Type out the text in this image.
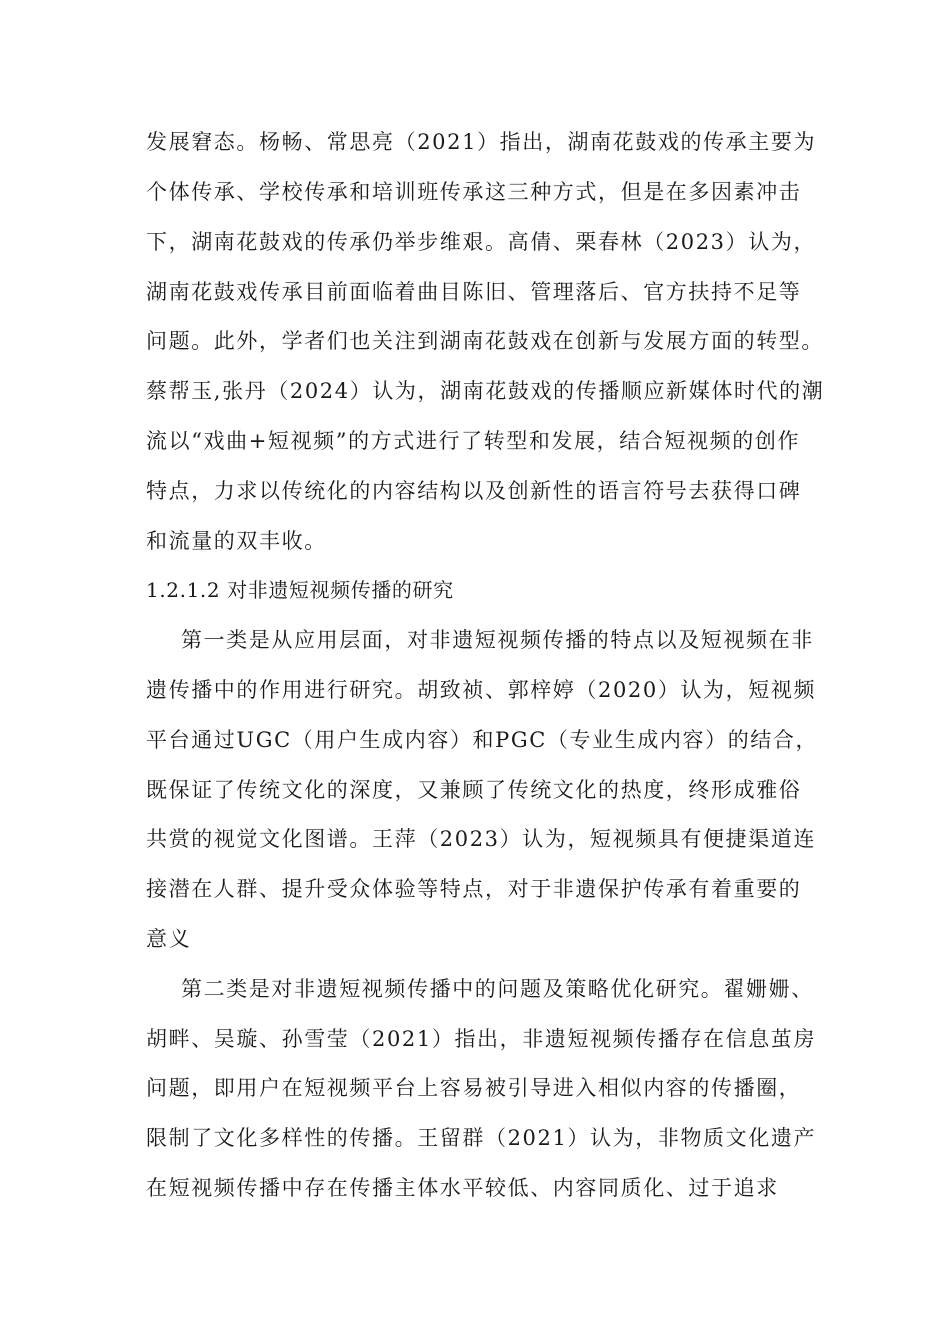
发展窘态。杨畅、常思亮（2021）指出，湖南花鼓戏的传承主要为
个体传承、学校传承和培训班传承这三种方式，但是在多因素冲击
下，湖南花鼓戏的传承仍举步维艰。高倩、栗春林（2023）认为，
湖南花鼓戏传承目前面临着曲目陈旧、管理落后、官方扶持不足等
问题。此外，学者们也关注到湖南花鼓戏在创新与发展方面的转型。
蔡帮玉,张丹（2024）认为，湖南花鼓戏的传播顺应新媒体时代的潮
流以“戏曲+短视频”的方式进行了转型和发展，结合短视频的创作
特点，力求以传统化的内容结构以及创新性的语言符号去获得口碑
和流量的双丰收。
1.2.1.2 对非遗短视频传播的研究
第一类是从应用层面，对非遗短视频传播的特点以及短视频在非
遗传播中的作用进行研究。胡致祯、郭梓婷（2020）认为，短视频
平台通过UGC（用户生成内容）和PGC（专业生成内容）的结合，
既保证了传统文化的深度，又兼顾了传统文化的热度，终形成雅俗
共赏的视觉文化图谱。王萍（2023）认为，短视频具有便捷渠道连
接潜在人群、提升受众体验等特点，对于非遗保护传承有着重要的
意义
第二类是对非遗短视频传播中的问题及策略优化研究。翟姗姗、
胡畔、吴璇、孙雪莹（2021）指出，非遗短视频传播存在信息茧房
问题，即用户在短视频平台上容易被引导进入相似内容的传播圈，
限制了文化多样性的传播。王留群（2021）认为，非物质文化遗产
在短视频传播中存在传播主体水平较低、内容同质化、过于追求
